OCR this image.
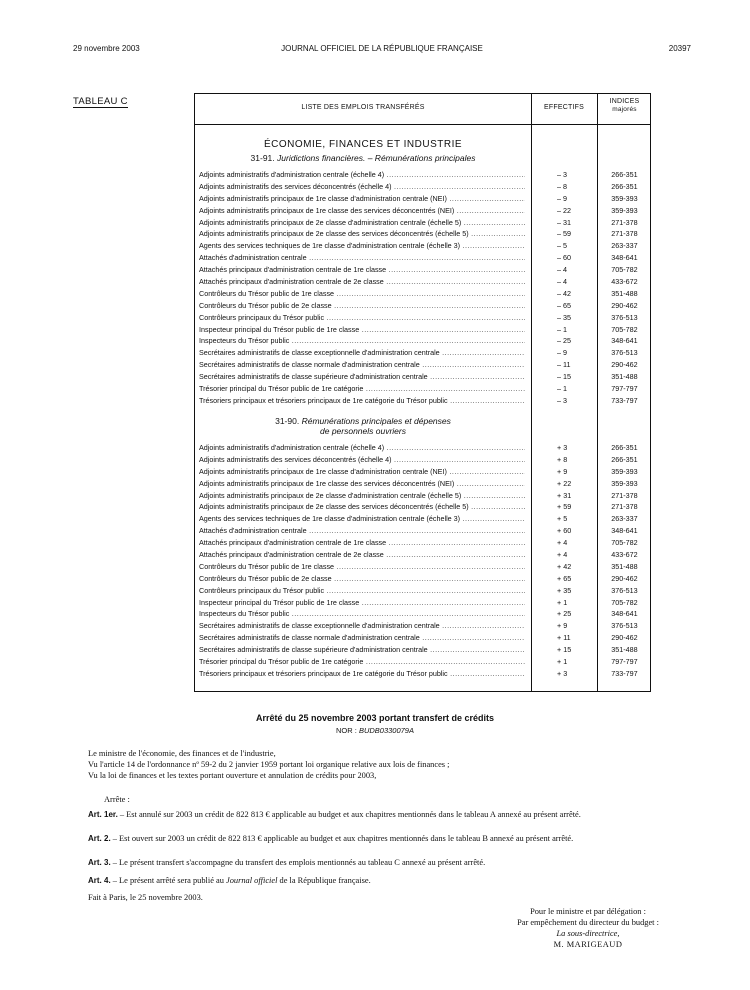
29 novembre 2003	JOURNAL OFFICIEL DE LA RÉPUBLIQUE FRANÇAISE	20397
TABLEAU C
LISTE DES EMPLOIS TRANSFÉRÉS	EFFECTIFS
INDICES
majorés
ÉCONOMIE, FINANCES ET INDUSTRIE
31-91. Juridictions financières. – Rémunérations principales
Adjoints administratifs d'administration centrale (échelle 4) .....	– 3	266-351
Adjoints administratifs des services déconcentrés (échelle 4) .....	– 8	266-351
Adjoints administratifs principaux de 1re classe d'administration centrale (NEI) .....	– 9	359-393
Adjoints administratifs principaux de 1re classe des services déconcentrés (NEI) .....	– 22	359-393
Adjoints administratifs principaux de 2e classe d'administration centrale (échelle 5) .....	– 31	271-378
Adjoints administratifs principaux de 2e classe des services déconcentrés (échelle 5) .....	– 59	271-378
Agents des services techniques de 1re classe d'administration centrale (échelle 3) .....	– 5	263-337
Attachés d'administration centrale .....	– 60	348-641
Attachés principaux d'administration centrale de 1re classe .....	– 4	705-782
Attachés principaux d'administration centrale de 2e classe .....	– 4	433-672
Contrôleurs du Trésor public de 1re classe .....	– 42	351-488
Contrôleurs du Trésor public de 2e classe .....	– 65	290-462
Contrôleurs principaux du Trésor public .....	– 35	376-513
Inspecteur principal du Trésor public de 1re classe .....	– 1	705-782
Inspecteurs du Trésor public .....	– 25	348-641
Secrétaires administratifs de classe exceptionnelle d'administration centrale .....	– 9	376-513
Secrétaires administratifs de classe normale d'administration centrale .....	– 11	290-462
Secrétaires administratifs de classe supérieure d'administration centrale .....	– 15	351-488
Trésorier principal du Trésor public de 1re catégorie .....	– 1	797-797
Trésoriers principaux et trésoriers principaux de 1re catégorie du Trésor public .....	– 3	733-797
31-90. Rémunérations principales et dépenses
de personnels ouvriers
Adjoints administratifs d'administration centrale (échelle 4) .....	+ 3	266-351
Adjoints administratifs des services déconcentrés (échelle 4) .....	+ 8	266-351
Adjoints administratifs principaux de 1re classe d'administration centrale (NEI) .....	+ 9	359-393
Adjoints administratifs principaux de 1re classe des services déconcentrés (NEI) .....	+ 22	359-393
Adjoints administratifs principaux de 2e classe d'administration centrale (échelle 5) .....	+ 31	271-378
Adjoints administratifs principaux de 2e classe des services déconcentrés (échelle 5) .....	+ 59	271-378
Agents des services techniques de 1re classe d'administration centrale (échelle 3) .....	+ 5	263-337
Attachés d'administration centrale .....	+ 60	348-641
Attachés principaux d'administration centrale de 1re classe .....	+ 4	705-782
Attachés principaux d'administration centrale de 2e classe .....	+ 4	433-672
Contrôleurs du Trésor public de 1re classe .....	+ 42	351-488
Contrôleurs du Trésor public de 2e classe .....	+ 65	290-462
Contrôleurs principaux du Trésor public .....	+ 35	376-513
Inspecteur principal du Trésor public de 1re classe .....	+ 1	705-782
Inspecteurs du Trésor public .....	+ 25	348-641
Secrétaires administratifs de classe exceptionnelle d'administration centrale .....	+ 9	376-513
Secrétaires administratifs de classe normale d'administration centrale .....	+ 11	290-462
Secrétaires administratifs de classe supérieure d'administration centrale .....	+ 15	351-488
Trésorier principal du Trésor public de 1re catégorie .....	+ 1	797-797
Trésoriers principaux et trésoriers principaux de 1re catégorie du Trésor public .....	+ 3	733-797
Arrêté du 25 novembre 2003 portant transfert de crédits
NOR : BUDB0330079A
Le ministre de l'économie, des finances et de l'industrie,
Vu l'article 14 de l'ordonnance nº 59-2 du 2 janvier 1959 portant loi organique relative aux lois de finances ;
Vu la loi de finances et les textes portant ouverture et annulation de crédits pour 2003,
Arrête :
Art. 1er. – Est annulé sur 2003 un crédit de 822 813 € applicable au budget et aux chapitres mentionnés dans le tableau A annexé au présent arrêté.
Art. 2. – Est ouvert sur 2003 un crédit de 822 813 € applicable au budget et aux chapitres mentionnés dans le tableau B annexé au présent arrêté.
Art. 3. – Le présent transfert s'accompagne du transfert des emplois mentionnés au tableau C annexé au présent arrêté.
Art. 4. – Le présent arrêté sera publié au Journal officiel de la République française.
Fait à Paris, le 25 novembre 2003.
Pour le ministre et par délégation :
Par empêchement du directeur du budget :
La sous-directrice,
M. MARIGEAUD
